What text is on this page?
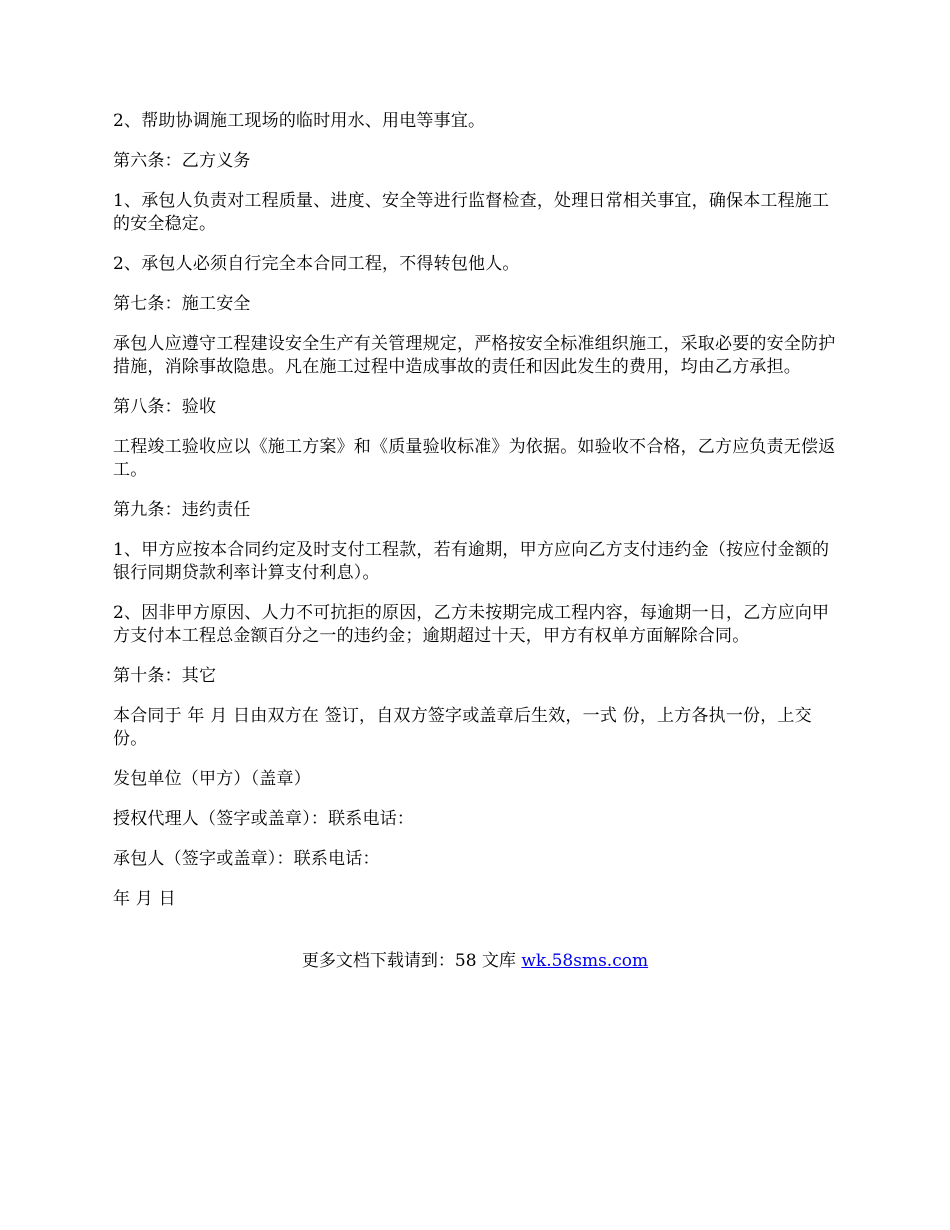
2、帮助协调施工现场的临时用水、用电等事宜。

第六条：乙方义务

1、承包人负责对工程质量、进度、安全等进行监督检查，处理日常相关事宜，确保本工程施工的安全稳定。

2、承包人必须自行完全本合同工程，不得转包他人。

第七条：施工安全

承包人应遵守工程建设安全生产有关管理规定，严格按安全标准组织施工，采取必要的安全防护措施，消除事故隐患。凡在施工过程中造成事故的责任和因此发生的费用，均由乙方承担。

第八条：验收

工程竣工验收应以《施工方案》和《质量验收标准》为依据。如验收不合格，乙方应负责无偿返工。

第九条：违约责任

1、甲方应按本合同约定及时支付工程款，若有逾期，甲方应向乙方支付违约金（按应付金额的银行同期贷款利率计算支付利息）。

2、因非甲方原因、人力不可抗拒的原因，乙方未按期完成工程内容，每逾期一日，乙方应向甲方支付本工程总金额百分之一的违约金；逾期超过十天，甲方有权单方面解除合同。

第十条：其它

本合同于 年 月 日由双方在 签订，自双方签字或盖章后生效，一式 份，上方各执一份，上交 份。

发包单位（甲方）（盖章）

授权代理人（签字或盖章）：联系电话：

承包人（签字或盖章）：联系电话：

年 月 日

更多文档下载请到：58 文库 wk.58sms.com
